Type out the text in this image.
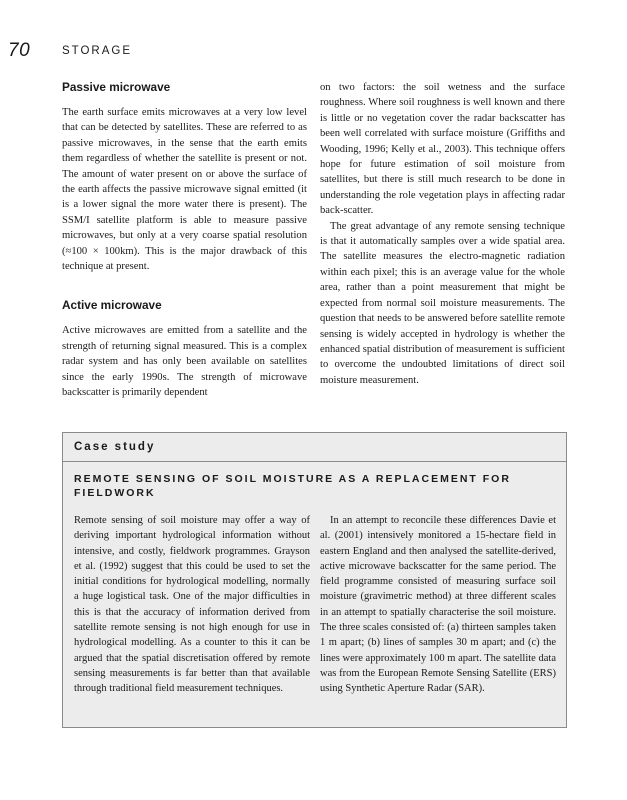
70	STORAGE
Passive microwave

The earth surface emits microwaves at a very low level that can be detected by satellites. These are referred to as passive microwaves, in the sense that the earth emits them regardless of whether the satellite is present or not. The amount of water present on or above the surface of the earth affects the passive microwave signal emitted (it is a lower signal the more water there is present). The SSM/I satellite platform is able to measure passive microwaves, but only at a very coarse spatial resolution (≈100 × 100km). This is the major drawback of this technique at present.

Active microwave

Active microwaves are emitted from a satellite and the strength of returning signal measured. This is a complex radar system and has only been available on satellites since the early 1990s. The strength of microwave backscatter is primarily dependent

on two factors: the soil wetness and the surface roughness. Where soil roughness is well known and there is little or no vegetation cover the radar backscatter has been well correlated with surface moisture (Griffiths and Wooding, 1996; Kelly et al., 2003). This technique offers hope for future estimation of soil moisture from satellites, but there is still much research to be done in understanding the role vegetation plays in affecting radar back-scatter.

The great advantage of any remote sensing technique is that it automatically samples over a wide spatial area. The satellite measures the electro-magnetic radiation within each pixel; this is an average value for the whole area, rather than a point measurement that might be expected from normal soil moisture measurements. The question that needs to be answered before satellite remote sensing is widely accepted in hydrology is whether the enhanced spatial distribution of measurement is sufficient to overcome the undoubted limitations of direct soil moisture measurement.

Case study
REMOTE SENSING OF SOIL MOISTURE AS A REPLACEMENT FOR FIELDWORK

Remote sensing of soil moisture may offer a way of deriving important hydrological information without intensive, and costly, fieldwork programmes. Grayson et al. (1992) suggest that this could be used to set the initial conditions for hydrological modelling, normally a huge logistical task. One of the major difficulties in this is that the accuracy of information derived from satellite remote sensing is not high enough for use in hydrological modelling. As a counter to this it can be argued that the spatial discretisation offered by remote sensing measurements is far better than that available through traditional field measurement techniques.

In an attempt to reconcile these differences Davie et al. (2001) intensively monitored a 15-hectare field in eastern England and then analysed the satellite-derived, active microwave backscatter for the same period. The field programme consisted of measuring surface soil moisture (gravimetric method) at three different scales in an attempt to spatially characterise the soil moisture. The three scales consisted of: (a) thirteen samples taken 1 m apart; (b) lines of samples 30 m apart; and (c) the lines were approximately 100 m apart. The satellite data was from the European Remote Sensing Satellite (ERS) using Synthetic Aperture Radar (SAR).
